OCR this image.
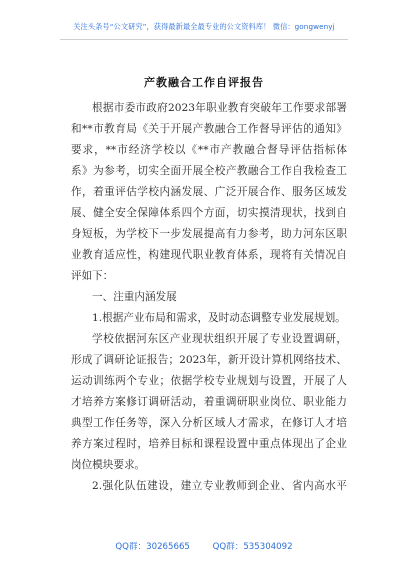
关注头条号“公文研究”，获得最新最全最专业的公文资料库！ 微信：gongwenyj
产教融合工作自评报告
根据市委市政府2023年职业教育突破年工作要求部署
和**市教育局《关于开展产教融合工作督导评估的通知》
要求，**市经济学校以《**市产教融合督导评估指标体
系》为参考，切实全面开展全校产教融合工作自我检查工
作，着重评估学校内涵发展、广泛开展合作、服务区域发
展、健全安全保障体系四个方面，切实摸清现状，找到自
身短板，为学校下一步发展提高有力参考，助力河东区职
业教育适应性，构建现代职业教育体系，现将有关情况自
评如下：
一、注重内涵发展
1.根据产业布局和需求，及时动态调整专业发展规划。
学校依据河东区产业现状组织开展了专业设置调研，
形成了调研论证报告；2023年，新开设计算机网络技术、
运动训练两个专业；依据学校专业规划与设置，开展了人
才培养方案修订调研活动，着重调研职业岗位、职业能力
典型工作任务等，深入分析区域人才需求，在修订人才培
养方案过程时，培养目标和课程设置中重点体现出了企业
岗位模块要求。
2.强化队伍建设，建立专业教师到企业、省内高水平
QQ群：30265665	QQ群：535304092
